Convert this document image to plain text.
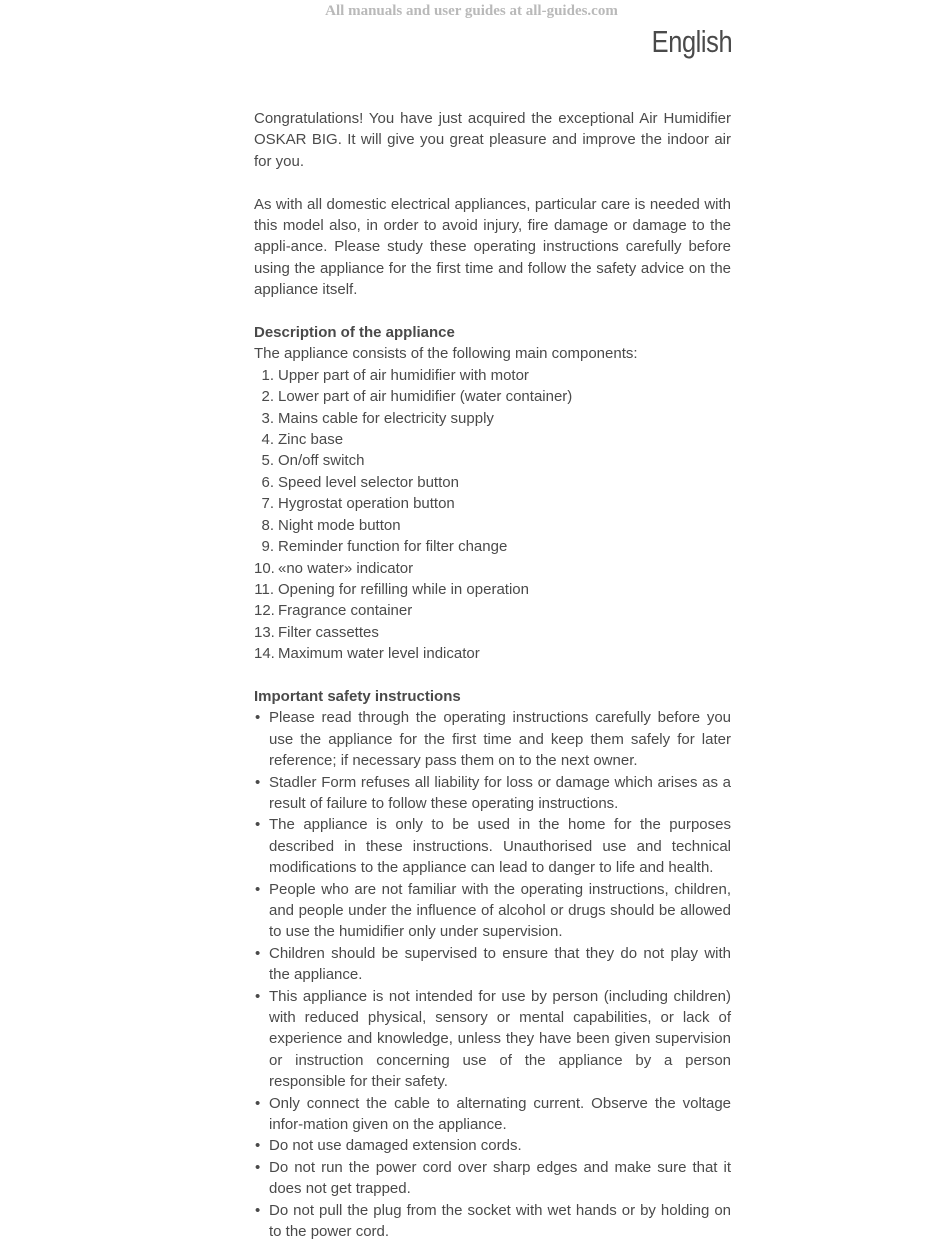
All manuals and user guides at all-guides.com
English

Congratulations! You have just acquired the exceptional Air Humidifier OSKAR BIG. It will give you great pleasure and improve the indoor air for you.

As with all domestic electrical appliances, particular care is needed with this model also, in order to avoid injury, fire damage or damage to the appli-ance. Please study these operating instructions carefully before using the appliance for the first time and follow the safety advice on the appliance itself.

Description of the appliance

The appliance consists of the following main components:

1. Upper part of air humidifier with motor
2. Lower part of air humidifier (water container)
3. Mains cable for electricity supply
4. Zinc base
5. On/off switch
6. Speed level selector button
7. Hygrostat operation button
8. Night mode button
9. Reminder function for filter change
10. «no water» indicator
11. Opening for refilling while in operation
12. Fragrance container
13. Filter cassettes
14. Maximum water level indicator
Important safety instructions
• Please read through the operating instructions carefully before you use the appliance for the first time and keep them safely for later reference; if necessary pass them on to the next owner.
• Stadler Form refuses all liability for loss or damage which arises as a result of failure to follow these operating instructions.
• The appliance is only to be used in the home for the purposes described in these instructions. Unauthorised use and technical modifications to the appliance can lead to danger to life and health.
• People who are not familiar with the operating instructions, children, and people under the influence of alcohol or drugs should be allowed to use the humidifier only under supervision.
• Children should be supervised to ensure that they do not play with the appliance.
• This appliance is not intended for use by person (including children) with reduced physical, sensory or mental capabilities, or lack of experience and knowledge, unless they have been given supervision or instruction concerning use of the appliance by a person responsible for their safety.
• Only connect the cable to alternating current. Observe the voltage infor-mation given on the appliance.
• Do not use damaged extension cords.
• Do not run the power cord over sharp edges and make sure that it does not get trapped.
• Do not pull the plug from the socket with wet hands or by holding on to the power cord.
